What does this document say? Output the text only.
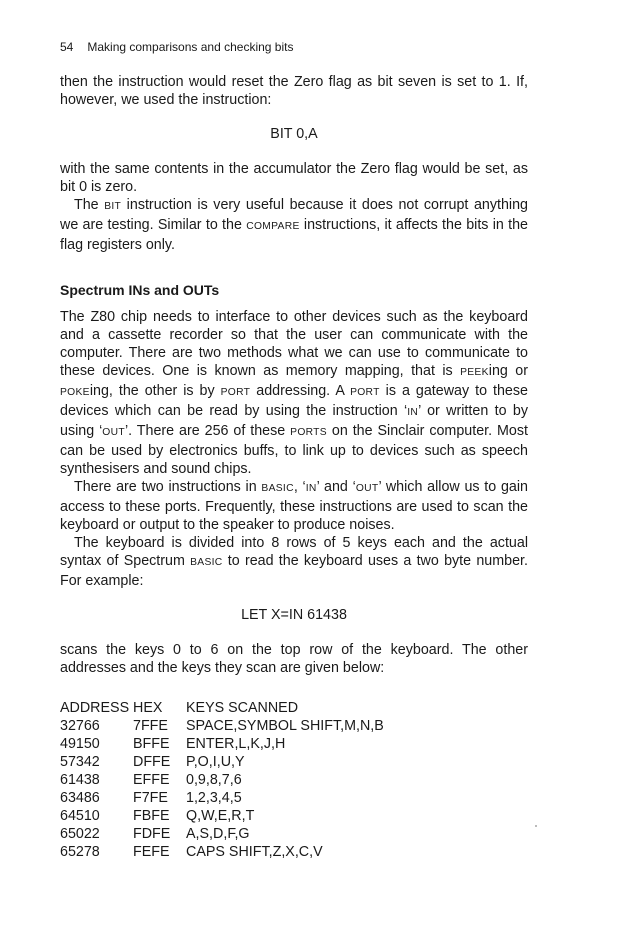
54 Making comparisons and checking bits

then the instruction would reset the Zero flag as bit seven is set to 1. If, however, we used the instruction:

BIT 0,A

with the same contents in the accumulator the Zero flag would be set, as bit 0 is zero.

The BIT instruction is very useful because it does not corrupt anything we are testing. Similar to the COMPARE instructions, it affects the bits in the flag registers only.

Spectrum INs and OUTs

The Z80 chip needs to interface to other devices such as the keyboard and a cassette recorder so that the user can communicate with the computer. There are two methods what we can use to communicate to these devices. One is known as memory mapping, that is PEEKing or POKEing, the other is by PORT addressing. A PORT is a gateway to these devices which can be read by using the instruction ‘IN’ or written to by using ‘OUT’. There are 256 of these PORTS on the Sinclair computer. Most can be used by electronics buffs, to link up to devices such as speech synthesisers and sound chips.

There are two instructions in BASIC, ‘IN’ and ‘OUT’ which allow us to gain access to these ports. Frequently, these instructions are used to scan the keyboard or output to the speaker to produce noises.

The keyboard is divided into 8 rows of 5 keys each and the actual syntax of Spectrum BASIC to read the keyboard uses a two byte number. For example:

LET X=IN 61438

scans the keys 0 to 6 on the top row of the keyboard. The other addresses and the keys they scan are given below:

ADDRESS	HEX	KEYS SCANNED
32766	7FFE	SPACE,SYMBOL SHIFT,M,N,B
49150	BFFE	ENTER,L,K,J,H
57342	DFFE	P,O,I,U,Y
61438	EFFE	0,9,8,7,6
63486	F7FE	1,2,3,4,5
64510	FBFE	Q,W,E,R,T
65022	FDFE	A,S,D,F,G
65278	FEFE	CAPS SHIFT,Z,X,C,V
